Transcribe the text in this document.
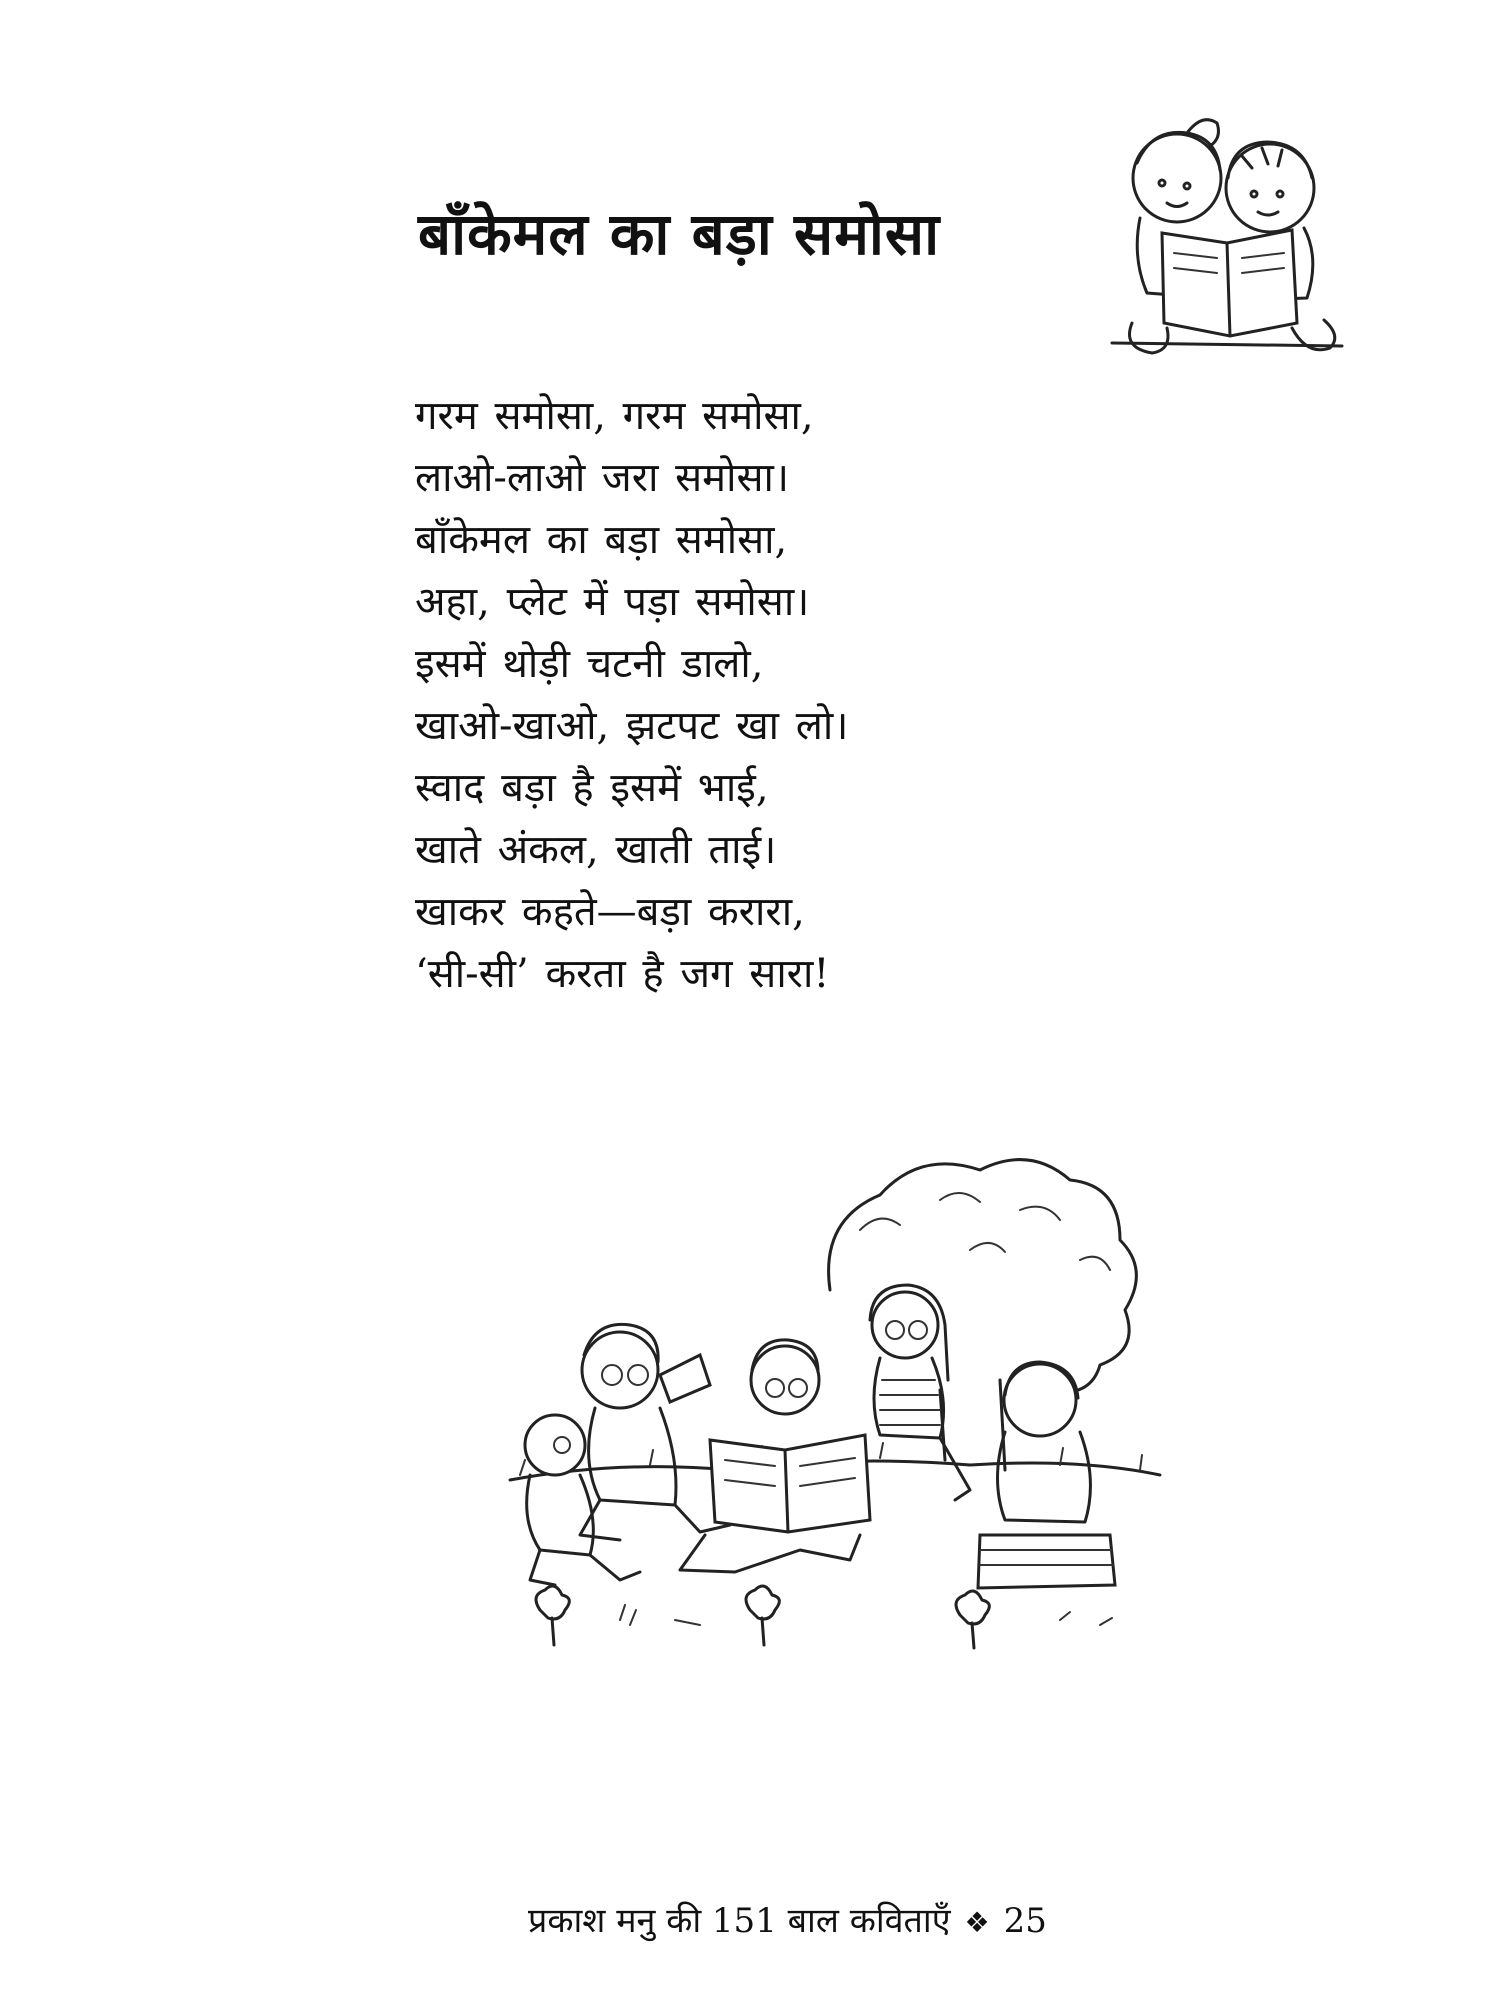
बाँकेमल का बड़ा समोसा
गरम समोसा, गरम समोसा,
लाओ-लाओ जरा समोसा।
बाँकेमल का बड़ा समोसा,
अहा, प्लेट में पड़ा समोसा।
इसमें थोड़ी चटनी डालो,
खाओ-खाओ, झटपट खा लो।
स्वाद बड़ा है इसमें भाई,
खाते अंकल, खाती ताई।
खाकर कहते—बड़ा करारा,
‘सी-सी’ करता है जग सारा!
प्रकाश मनु की 151 बाल कविताएँ ❖ 25
